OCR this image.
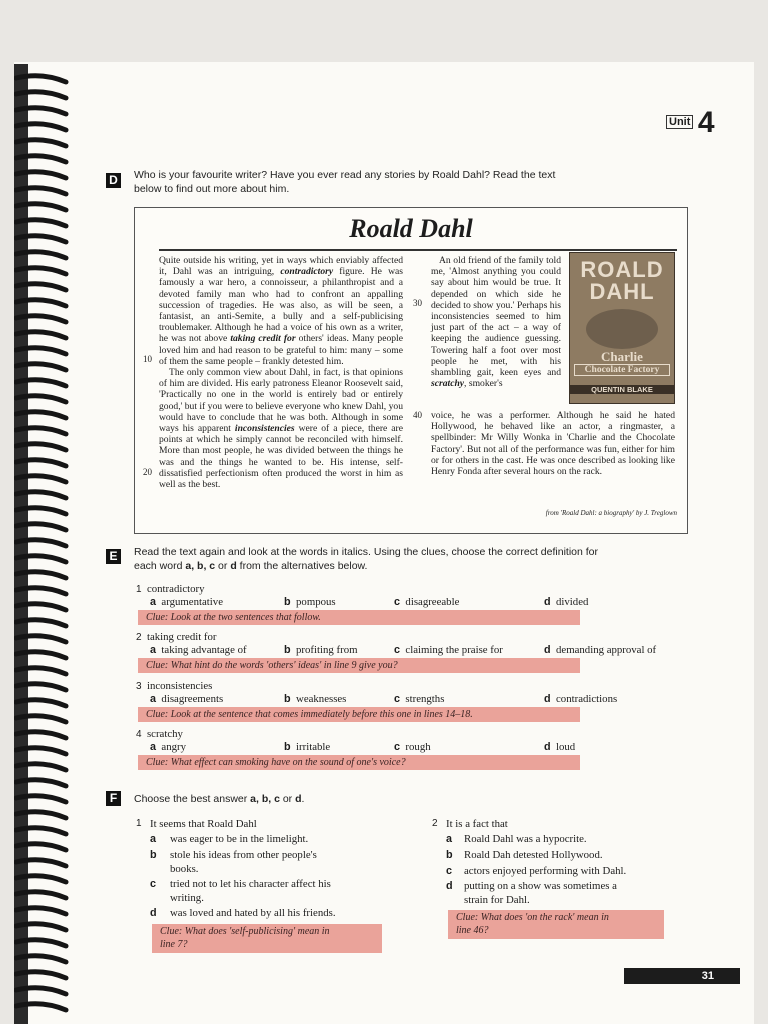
$^{Unit}$ 4
D	Who is your favourite writer? Have you ever read any stories by Roald Dahl? Read the text
below to find out more about him.
Roald Dahl

Quite outside his writing, yet in ways which enviably affected it, Dahl was an intriguing, contradictory figure. He was famously a war hero, a connoisseur, a philanthropist and a devoted family man who had to confront an appalling succession of tragedies. He was also, as will be seen, a fantasist, an anti-Semite, a bully and a self-publicising troublemaker. Although he had a voice of his own as a writer, he was not above taking credit for others' ideas. Many people loved him and had reason to be grateful to him: many – some of them the same people – frankly detested him.

The only common view about Dahl, in fact, is that opinions of him are divided. His early patroness Eleanor Roosevelt said, 'Practically no one in the world is entirely bad or entirely good,' but if you were to believe everyone who knew Dahl, you would have to conclude that he was both. Although in some ways his apparent inconsistencies were of a piece, there are points at which he simply cannot be reconciled with himself. More than most people, he was divided between the things he was and the things he wanted to be. His intense, self-dissatisfied perfectionism often produced the worst in him as well as the best.

10
20
30
40

An old friend of the family told me, 'Almost anything you could say about him would be true. It depended on which side he decided to show you.' Perhaps his inconsistencies seemed to him just part of the act – a way of keeping the audience guessing. Towering half a foot over most people he met, with his shambling gait, keen eyes and scratchy, smoker's

voice, he was a performer. Although he said he hated Hollywood, he behaved like an actor, a ringmaster, a spellbinder: Mr Willy Wonka in 'Charlie and the Chocolate Factory'. But not all of the performance was fun, either for him or for others in the cast. He was once described as looking like Henry Fonda after several hours on the rack.

ROALD
DAHL
Charlie
Chocolate Factory
QUENTIN BLAKE
from 'Roald Dahl: a biography' by J. Treglown
E	Read the text again and look at the words in italics. Using the clues, choose the correct definition for
each word a, b, c or d from the alternatives below.
1 contradictory
a argumentative	b pompous	c disagreeable	d divided
Clue: Look at the two sentences that follow.
2 taking credit for
a taking advantage of	b profiting from	c claiming the praise for	d demanding approval of
Clue: What hint do the words 'others' ideas' in line 9 give you?
3 inconsistencies
a disagreements	b weaknesses	c strengths	d contradictions
Clue: Look at the sentence that comes immediately before this one in lines 14–18.
4 scratchy
a angry	b irritable	c rough	d loud
Clue: What effect can smoking have on the sound of one's voice?
F	Choose the best answer a, b, c or d.
1 It seems that Roald Dahl
a was eager to be in the limelight.
b stole his ideas from other people's
books.
c tried not to let his character affect his
writing.
d was loved and hated by all his friends.
Clue: What does 'self-publicising' mean in
line 7?
2 It is a fact that
a Roald Dahl was a hypocrite.
b Roald Dah detested Hollywood.
c actors enjoyed performing with Dahl.
d putting on a show was sometimes a
strain for Dahl.
Clue: What does 'on the rack' mean in
line 46?
31
